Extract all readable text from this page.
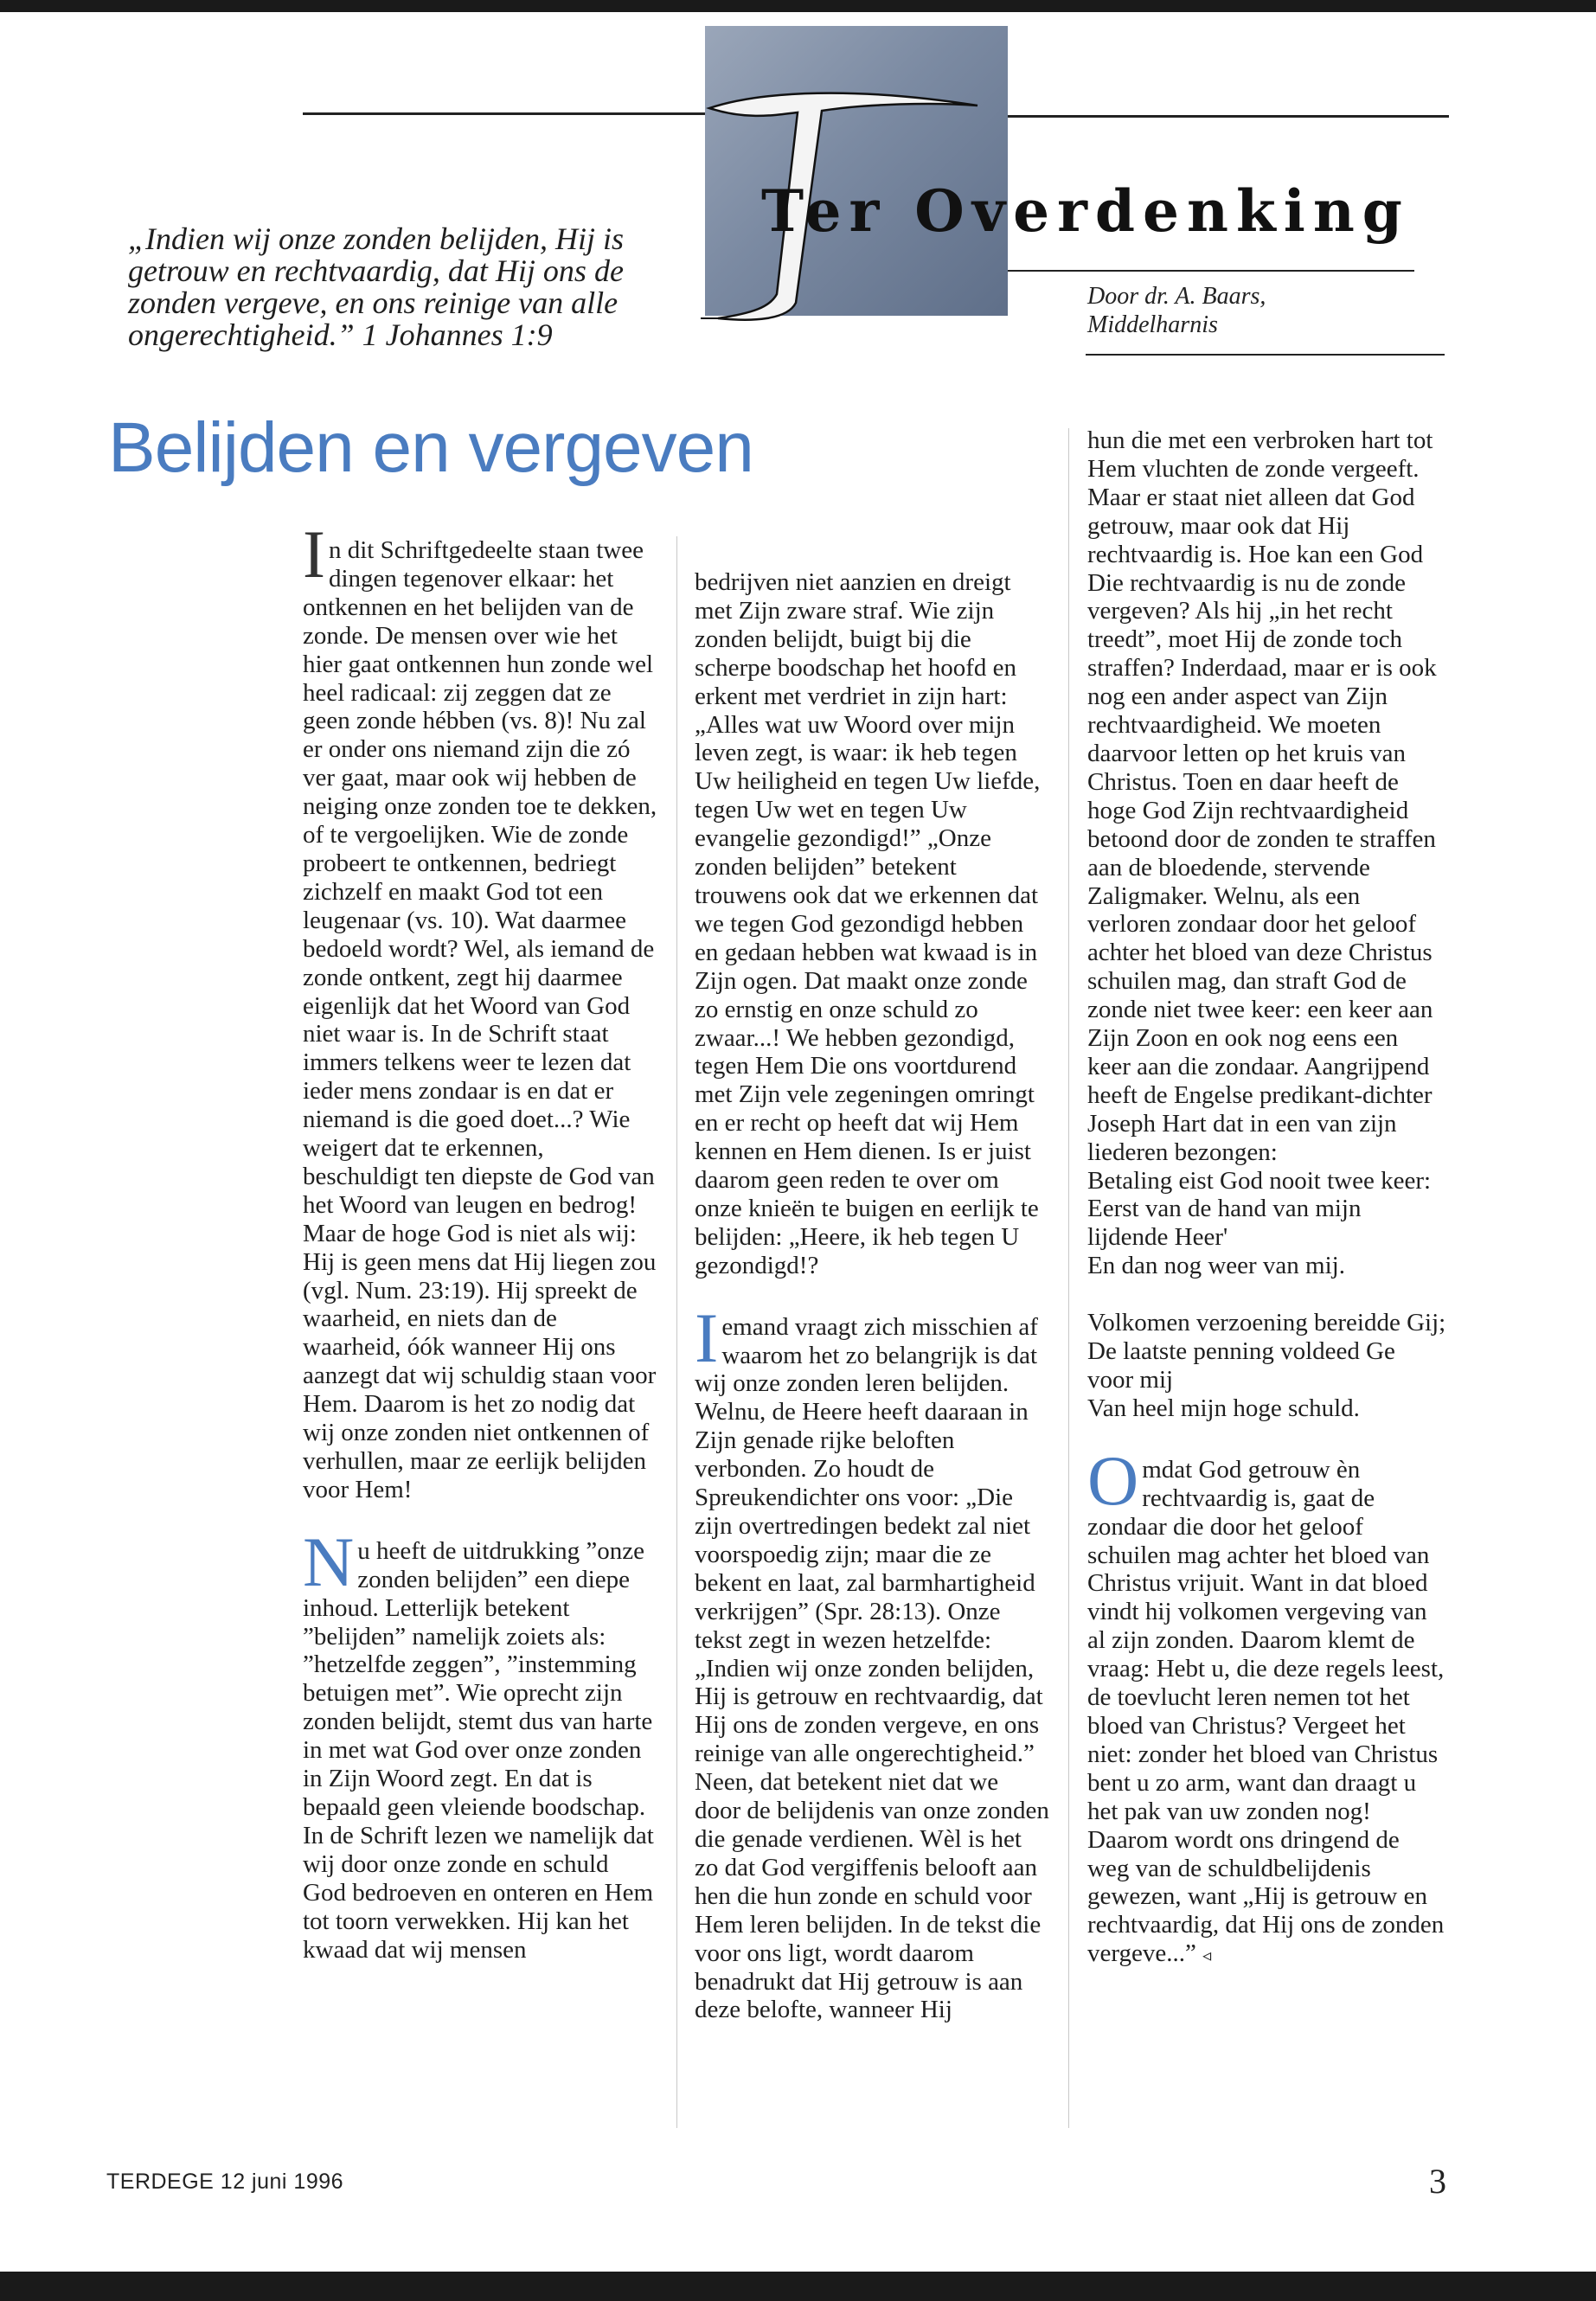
Ter Overdenking
Door dr. A. Baars,
Middelharnis
„Indien wij onze zonden belijden, Hij is getrouw en rechtvaardig, dat Hij ons de zonden vergeve, en ons reinige van alle ongerechtigheid.” 1 Johannes 1:9
Belijden en vergeven

In dit Schriftgedeelte staan twee dingen tegenover elkaar: het ontkennen en het belijden van de zonde. De mensen over wie het hier gaat ontkennen hun zonde wel heel radicaal: zij zeggen dat ze geen zonde hébben (vs. 8)! Nu zal er onder ons niemand zijn die zó ver gaat, maar ook wij hebben de neiging onze zonden toe te dekken, of te vergoelijken. Wie de zonde probeert te ontkennen, bedriegt zichzelf en maakt God tot een leugenaar (vs. 10). Wat daarmee bedoeld wordt? Wel, als iemand de zonde ontkent, zegt hij daarmee eigenlijk dat het Woord van God niet waar is. In de Schrift staat immers telkens weer te lezen dat ieder mens zondaar is en dat er niemand is die goed doet...? Wie weigert dat te erkennen, beschuldigt ten diepste de God van het Woord van leugen en bedrog! Maar de hoge God is niet als wij: Hij is geen mens dat Hij liegen zou (vgl. Num. 23:19). Hij spreekt de waarheid, en niets dan de waarheid, óók wanneer Hij ons aanzegt dat wij schuldig staan voor Hem. Daarom is het zo nodig dat wij onze zonden niet ontkennen of verhullen, maar ze eerlijk belijden voor Hem!

Nu heeft de uitdrukking ”onze zonden belijden” een diepe inhoud. Letterlijk betekent ”belijden” namelijk zoiets als: ”hetzelfde zeggen”, ”instemming betuigen met”. Wie oprecht zijn zonden belijdt, stemt dus van harte in met wat God over onze zonden in Zijn Woord zegt. En dat is bepaald geen vleiende boodschap. In de Schrift lezen we namelijk dat wij door onze zonde en schuld God bedroeven en onteren en Hem tot toorn verwekken. Hij kan het kwaad dat wij mensen

bedrijven niet aanzien en dreigt met Zijn zware straf. Wie zijn zonden belijdt, buigt bij die scherpe boodschap het hoofd en erkent met verdriet in zijn hart: „Alles wat uw Woord over mijn leven zegt, is waar: ik heb tegen Uw heiligheid en tegen Uw liefde, tegen Uw wet en tegen Uw evangelie gezondigd!” „Onze zonden belijden” betekent trouwens ook dat we erkennen dat we tegen God gezondigd hebben en gedaan hebben wat kwaad is in Zijn ogen. Dat maakt onze zonde zo ernstig en onze schuld zo zwaar...! We hebben gezondigd, tegen Hem Die ons voortdurend met Zijn vele zegeningen omringt en er recht op heeft dat wij Hem kennen en Hem dienen. Is er juist daarom geen reden te over om onze knieën te buigen en eerlijk te belijden: „Heere, ik heb tegen U gezondigd!?

Iemand vraagt zich misschien af waarom het zo belangrijk is dat wij onze zonden leren belijden. Welnu, de Heere heeft daaraan in Zijn genade rijke beloften verbonden. Zo houdt de Spreukendichter ons voor: „Die zijn overtredingen bedekt zal niet voorspoedig zijn; maar die ze bekent en laat, zal barmhartigheid verkrijgen” (Spr. 28:13). Onze tekst zegt in wezen hetzelfde: „Indien wij onze zonden belijden, Hij is getrouw en rechtvaardig, dat Hij ons de zonden vergeve, en ons reinige van alle ongerechtigheid.” Neen, dat betekent niet dat we door de belijdenis van onze zonden die genade verdienen. Wèl is het zo dat God vergiffenis belooft aan hen die hun zonde en schuld voor Hem leren belijden. In de tekst die voor ons ligt, wordt daarom benadrukt dat Hij getrouw is aan deze belofte, wanneer Hij

hun die met een verbroken hart tot Hem vluchten de zonde vergeeft. Maar er staat niet alleen dat God getrouw, maar ook dat Hij rechtvaardig is. Hoe kan een God Die rechtvaardig is nu de zonde vergeven? Als hij „in het recht treedt”, moet Hij de zonde toch straffen? Inderdaad, maar er is ook nog een ander aspect van Zijn rechtvaardigheid. We moeten daarvoor letten op het kruis van Christus. Toen en daar heeft de hoge God Zijn rechtvaardigheid betoond door de zonden te straffen aan de bloedende, stervende Zaligmaker. Welnu, als een verloren zondaar door het geloof achter het bloed van deze Christus schuilen mag, dan straft God de zonde niet twee keer: een keer aan Zijn Zoon en ook nog eens een keer aan die zondaar. Aangrijpend heeft de Engelse predikant-dichter Joseph Hart dat in een van zijn liederen bezongen:

Betaling eist God nooit twee keer:
Eerst van de hand van mijn lijdende Heer'
En dan nog weer van mij.
Volkomen verzoening bereidde Gij;
De laatste penning voldeed Ge voor mij
Van heel mijn hoge schuld.

Omdat God getrouw èn rechtvaardig is, gaat de zondaar die door het geloof schuilen mag achter het bloed van Christus vrijuit. Want in dat bloed vindt hij volkomen vergeving van al zijn zonden. Daarom klemt de vraag: Hebt u, die deze regels leest, de toevlucht leren nemen tot het bloed van Christus? Vergeet het niet: zonder het bloed van Christus bent u zo arm, want dan draagt u het pak van uw zonden nog! Daarom wordt ons dringend de weg van de schuldbelijdenis gewezen, want „Hij is getrouw en rechtvaardig, dat Hij ons de zonden vergeve...” ◃

TERDEGE 12 juni 1996	3
